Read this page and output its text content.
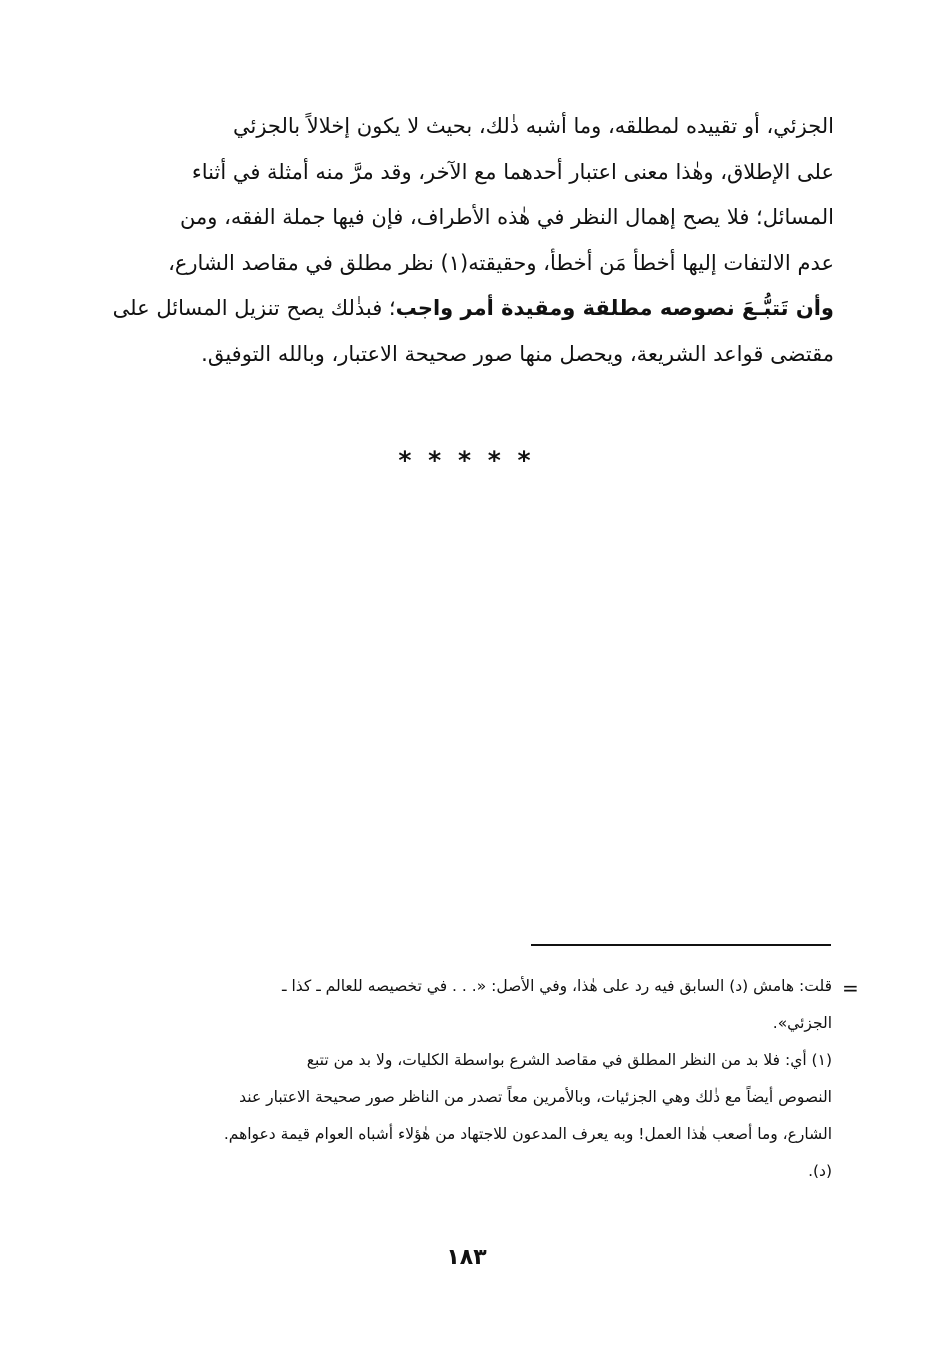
الجزئي، أو تقييده لمطلقه، وما أشبه ذٰلك، بحيث لا يكون إخلالاً بالجزئي
على الإطلاق، وهٰذا معنى اعتبار أحدهما مع الآخر، وقد مرَّ منه أمثلة في أثناء
المسائل؛ فلا يصح إهمال النظر في هٰذه الأطراف، فإن فيها جملة الفقه، ومن
عدم الالتفات إليها أخطأ مَن أخطأ، وحقيقته(١) نظر مطلق في مقاصد الشارع،
وأن تَتبُّـعَ نصوصه مطلقة ومقيدة أمر واجب؛ فبذٰلك يصح تنزيل المسائل على
مقتضى قواعد الشريعة، ويحصل منها صور صحيحة الاعتبار، وبالله التوفيق.
* * * * *
=
قلت: هامش (د) السابق فيه رد على هٰذا، وفي الأصل: «. . . في تخصيصه للعالم ـ كذا ـ
الجزئي».
(١) أي: فلا بد من النظر المطلق في مقاصد الشرع بواسطة الكليات، ولا بد من تتبع
النصوص أيضاً مع ذٰلك وهي الجزئيات، وبالأمرين معاً تصدر من الناظر صور صحيحة الاعتبار عند
الشارع، وما أصعب هٰذا العمل! وبه يعرف المدعون للاجتهاد من هٰؤلاء أشباه العوام قيمة دعواهم.
(د).
١٨٣
